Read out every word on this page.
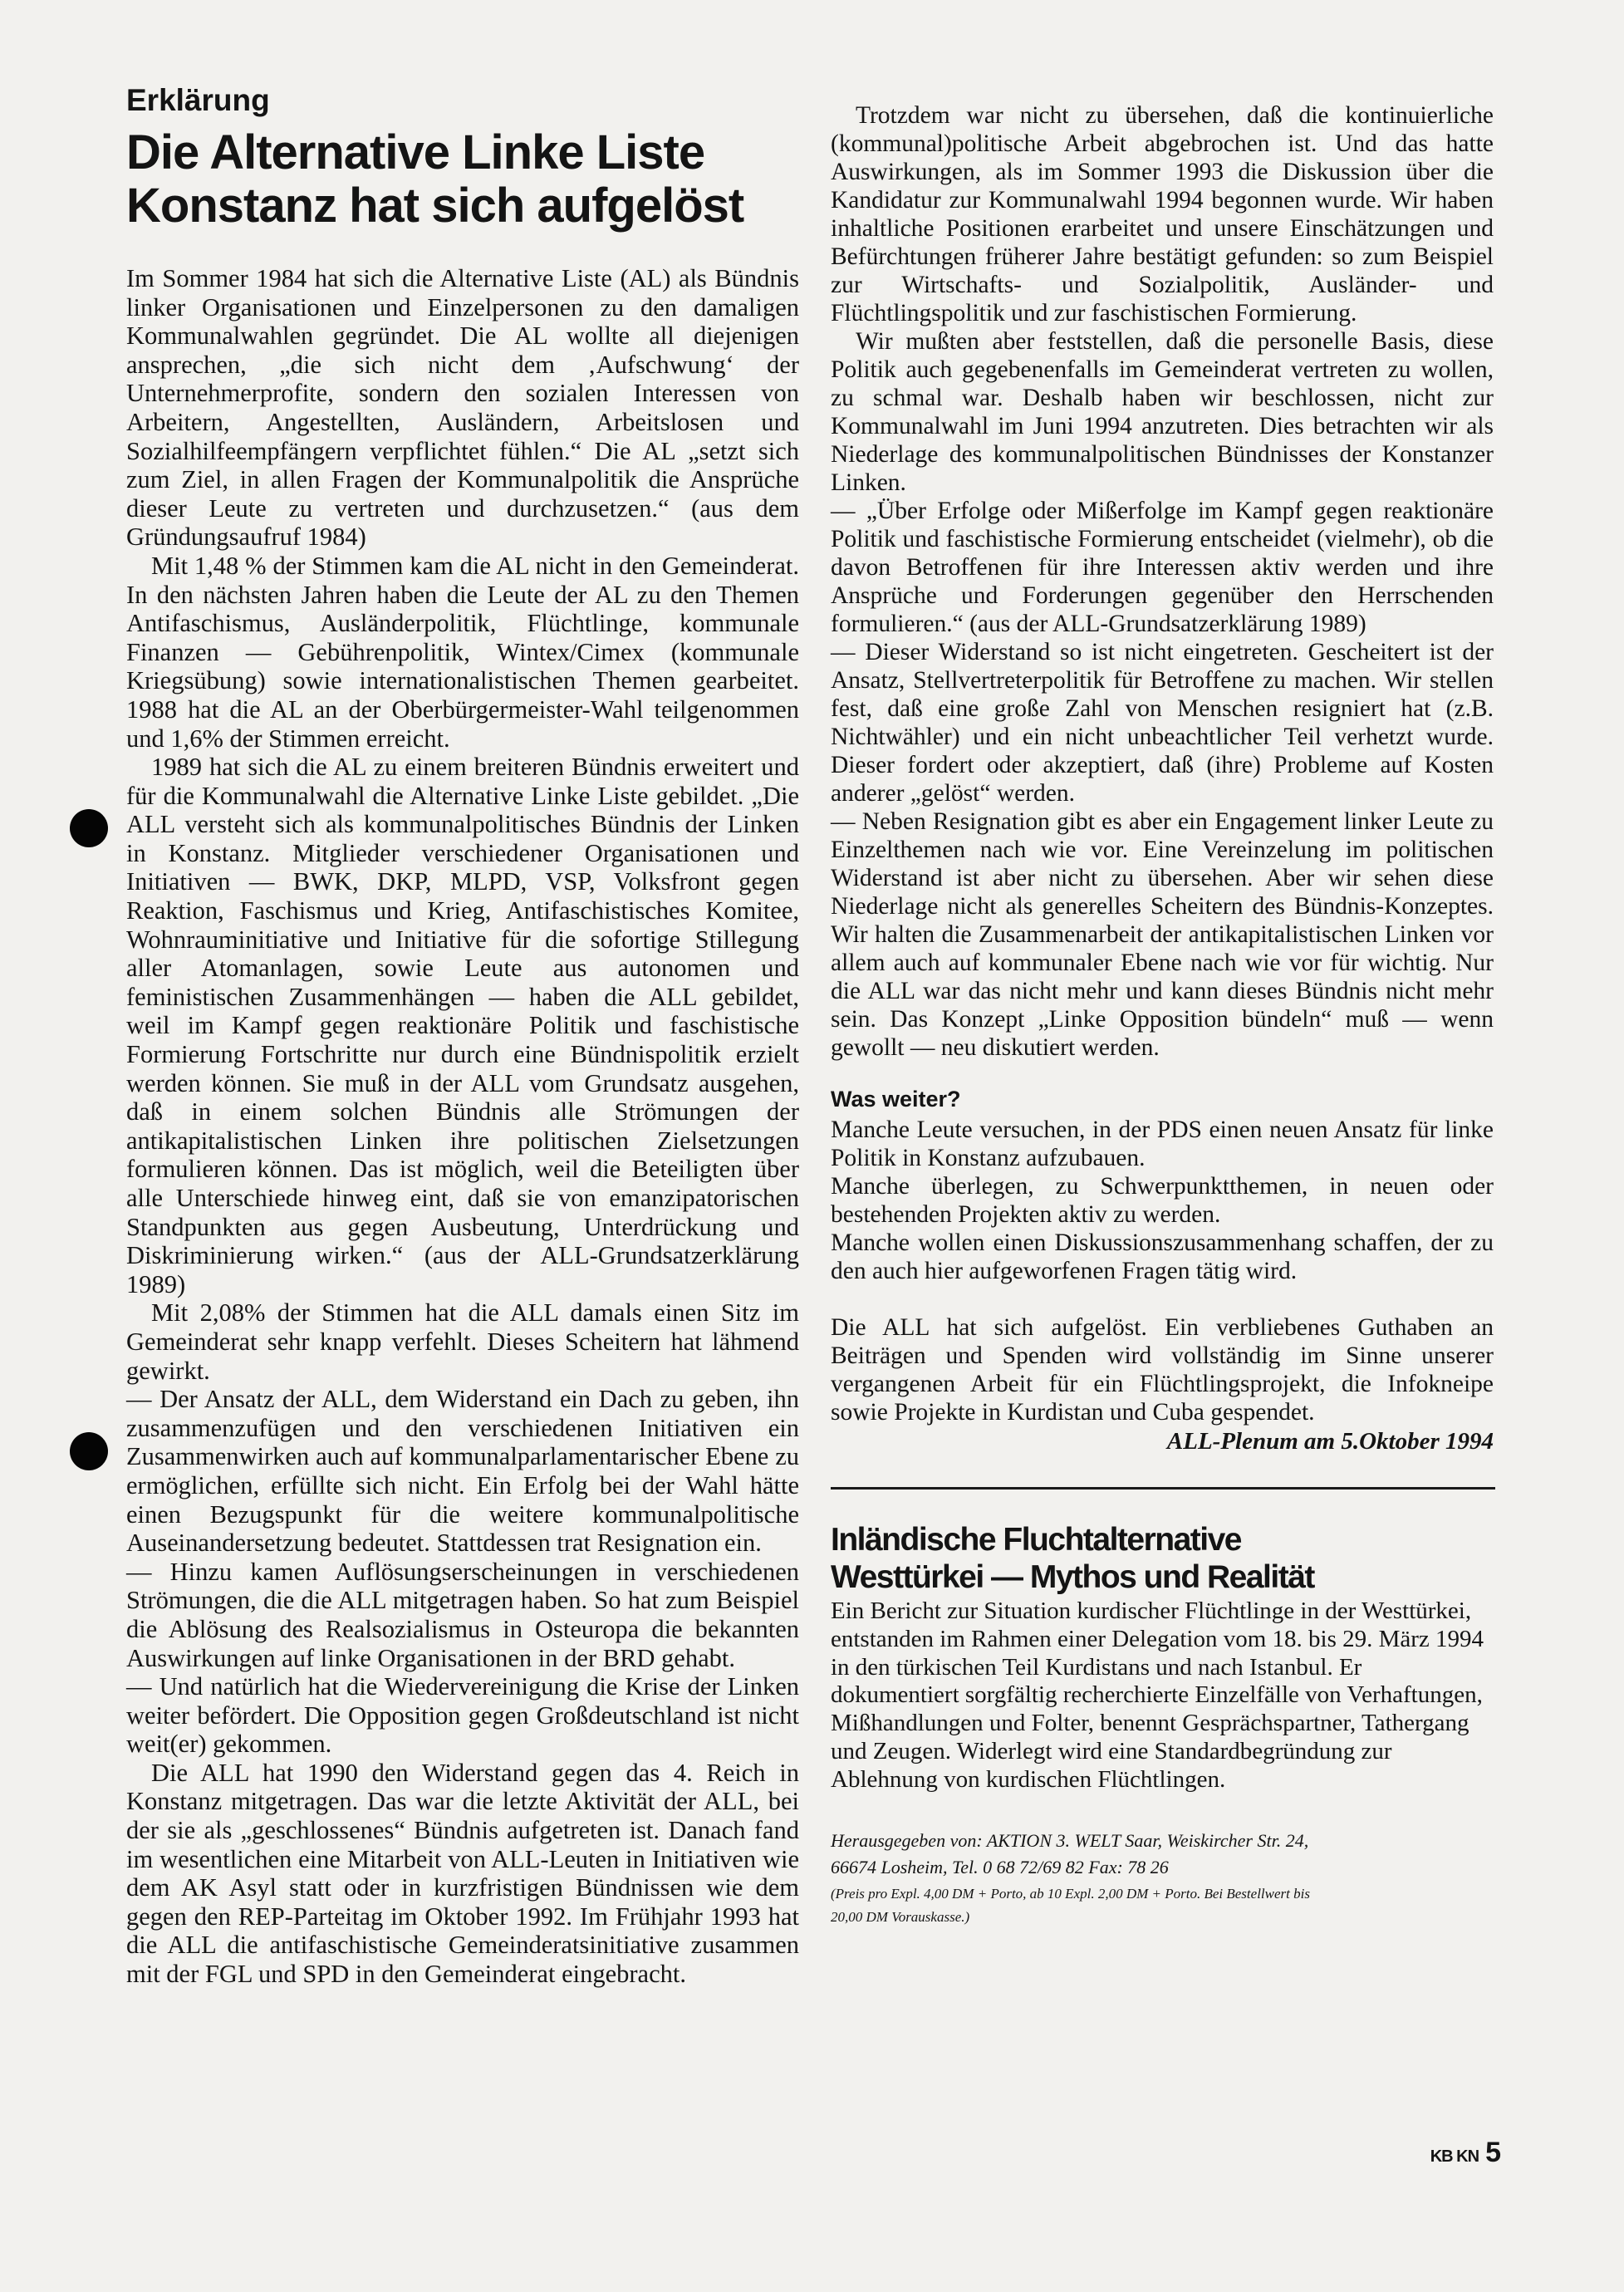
Erklärung
Die Alternative Linke Liste
Konstanz hat sich aufgelöst

Im Sommer 1984 hat sich die Alternative Liste (AL) als Bündnis linker Organisationen und Einzelpersonen zu den damaligen Kommunalwahlen gegründet. Die AL wollte all diejenigen ansprechen, „die sich nicht dem ‚Aufschwung‘ der Unternehmerprofite, sondern den sozialen Interessen von Arbeitern, Angestellten, Ausländern, Arbeitslosen und Sozialhilfeempfängern verpflichtet fühlen.“ Die AL „setzt sich zum Ziel, in allen Fragen der Kommunalpolitik die Ansprüche dieser Leute zu vertreten und durchzusetzen.“ (aus dem Gründungsaufruf 1984)

Mit 1,48 % der Stimmen kam die AL nicht in den Gemeinderat. In den nächsten Jahren haben die Leute der AL zu den Themen Antifaschismus, Ausländerpolitik, Flüchtlinge, kommunale Finanzen — Gebührenpolitik, Wintex/Cimex (kommunale Kriegsübung) sowie internationalistischen Themen gearbeitet. 1988 hat die AL an der Oberbürgermeister-Wahl teilgenommen und 1,6% der Stimmen erreicht.

1989 hat sich die AL zu einem breiteren Bündnis erweitert und für die Kommunalwahl die Alternative Linke Liste gebildet. „Die ALL versteht sich als kommunalpolitisches Bündnis der Linken in Konstanz. Mitglieder verschiedener Organisationen und Initiativen — BWK, DKP, MLPD, VSP, Volksfront gegen Reaktion, Faschismus und Krieg, Antifaschistisches Komitee, Wohnrauminitiative und Initiative für die sofortige Stillegung aller Atomanlagen, sowie Leute aus autonomen und feministischen Zusammenhängen — haben die ALL gebildet, weil im Kampf gegen reaktionäre Politik und faschistische Formierung Fortschritte nur durch eine Bündnispolitik erzielt werden können. Sie muß in der ALL vom Grundsatz ausgehen, daß in einem solchen Bündnis alle Strömungen der antikapitalistischen Linken ihre politischen Zielsetzungen formulieren können. Das ist möglich, weil die Beteiligten über alle Unterschiede hinweg eint, daß sie von emanzipatorischen Standpunkten aus gegen Ausbeutung, Unterdrückung und Diskriminierung wirken.“ (aus der ALL-Grundsatzerklärung 1989)

Mit 2,08% der Stimmen hat die ALL damals einen Sitz im Gemeinderat sehr knapp verfehlt. Dieses Scheitern hat lähmend gewirkt.

— Der Ansatz der ALL, dem Widerstand ein Dach zu geben, ihn zusammenzufügen und den verschiedenen Initiativen ein Zusammenwirken auch auf kommunalparlamentarischer Ebene zu ermöglichen, erfüllte sich nicht. Ein Erfolg bei der Wahl hätte einen Bezugspunkt für die weitere kommunalpolitische Auseinandersetzung bedeutet. Stattdessen trat Resignation ein.

— Hinzu kamen Auflösungserscheinungen in verschiedenen Strömungen, die die ALL mitgetragen haben. So hat zum Beispiel die Ablösung des Realsozialismus in Osteuropa die bekannten Auswirkungen auf linke Organisationen in der BRD gehabt.

— Und natürlich hat die Wiedervereinigung die Krise der Linken weiter befördert. Die Opposition gegen Großdeutschland ist nicht weit(er) gekommen.

Die ALL hat 1990 den Widerstand gegen das 4. Reich in Konstanz mitgetragen. Das war die letzte Aktivität der ALL, bei der sie als „geschlossenes“ Bündnis aufgetreten ist. Danach fand im wesentlichen eine Mitarbeit von ALL-Leuten in Initiativen wie dem AK Asyl statt oder in kurzfristigen Bündnissen wie dem gegen den REP-Parteitag im Oktober 1992. Im Frühjahr 1993 hat die ALL die antifaschistische Gemeinderatsinitiative zusammen mit der FGL und SPD in den Gemeinderat eingebracht.

Trotzdem war nicht zu übersehen, daß die kontinuierliche (kommunal)politische Arbeit abgebrochen ist. Und das hatte Auswirkungen, als im Sommer 1993 die Diskussion über die Kandidatur zur Kommunalwahl 1994 begonnen wurde. Wir haben inhaltliche Positionen erarbeitet und unsere Einschätzungen und Befürchtungen früherer Jahre bestätigt gefunden: so zum Beispiel zur Wirtschafts- und Sozialpolitik, Ausländer- und Flüchtlingspolitik und zur faschistischen Formierung.

Wir mußten aber feststellen, daß die personelle Basis, diese Politik auch gegebenenfalls im Gemeinderat vertreten zu wollen, zu schmal war. Deshalb haben wir beschlossen, nicht zur Kommunalwahl im Juni 1994 anzutreten. Dies betrachten wir als Niederlage des kommunalpolitischen Bündnisses der Konstanzer Linken.

— „Über Erfolge oder Mißerfolge im Kampf gegen reaktionäre Politik und faschistische Formierung entscheidet (vielmehr), ob die davon Betroffenen für ihre Interessen aktiv werden und ihre Ansprüche und Forderungen gegenüber den Herrschenden formulieren.“ (aus der ALL-Grundsatzerklärung 1989)

— Dieser Widerstand so ist nicht eingetreten. Gescheitert ist der Ansatz, Stellvertreterpolitik für Betroffene zu machen. Wir stellen fest, daß eine große Zahl von Menschen resigniert hat (z.B. Nichtwähler) und ein nicht unbeachtlicher Teil verhetzt wurde. Dieser fordert oder akzeptiert, daß (ihre) Probleme auf Kosten anderer „gelöst“ werden.

— Neben Resignation gibt es aber ein Engagement linker Leute zu Einzelthemen nach wie vor. Eine Vereinzelung im politischen Widerstand ist aber nicht zu übersehen. Aber wir sehen diese Niederlage nicht als generelles Scheitern des Bündnis-Konzeptes. Wir halten die Zusammenarbeit der antikapitalistischen Linken vor allem auch auf kommunaler Ebene nach wie vor für wichtig. Nur die ALL war das nicht mehr und kann dieses Bündnis nicht mehr sein. Das Konzept „Linke Opposition bündeln“ muß — wenn gewollt — neu diskutiert werden.

Was weiter?

Manche Leute versuchen, in der PDS einen neuen Ansatz für linke Politik in Konstanz aufzubauen.

Manche überlegen, zu Schwerpunktthemen, in neuen oder bestehenden Projekten aktiv zu werden.

Manche wollen einen Diskussionszusammenhang schaffen, der zu den auch hier aufgeworfenen Fragen tätig wird.

Die ALL hat sich aufgelöst. Ein verbliebenes Guthaben an Beiträgen und Spenden wird vollständig im Sinne unserer vergangenen Arbeit für ein Flüchtlingsprojekt, die Infokneipe sowie Projekte in Kurdistan und Cuba gespendet.

ALL-Plenum am 5.Oktober 1994
Inländische Fluchtalternative
Westtürkei — Mythos und Realität

Ein Bericht zur Situation kurdischer Flüchtlinge in der Westtürkei, entstanden im Rahmen einer Delegation vom 18. bis 29. März 1994 in den türkischen Teil Kurdistans und nach Istanbul. Er dokumentiert sorgfältig recherchierte Einzelfälle von Verhaftungen, Mißhandlungen und Folter, benennt Gesprächspartner, Tathergang und Zeugen. Widerlegt wird eine Standardbegründung zur Ablehnung von kurdischen Flüchtlingen.

Herausgegeben von: AKTION 3. WELT Saar, Weiskircher Str. 24,
66674 Losheim, Tel. 0 68 72/69 82 Fax: 78 26
(Preis pro Expl. 4,00 DM + Porto, ab 10 Expl. 2,00 DM + Porto. Bei Bestellwert bis
20,00 DM Vorauskasse.)
KB KN 5
